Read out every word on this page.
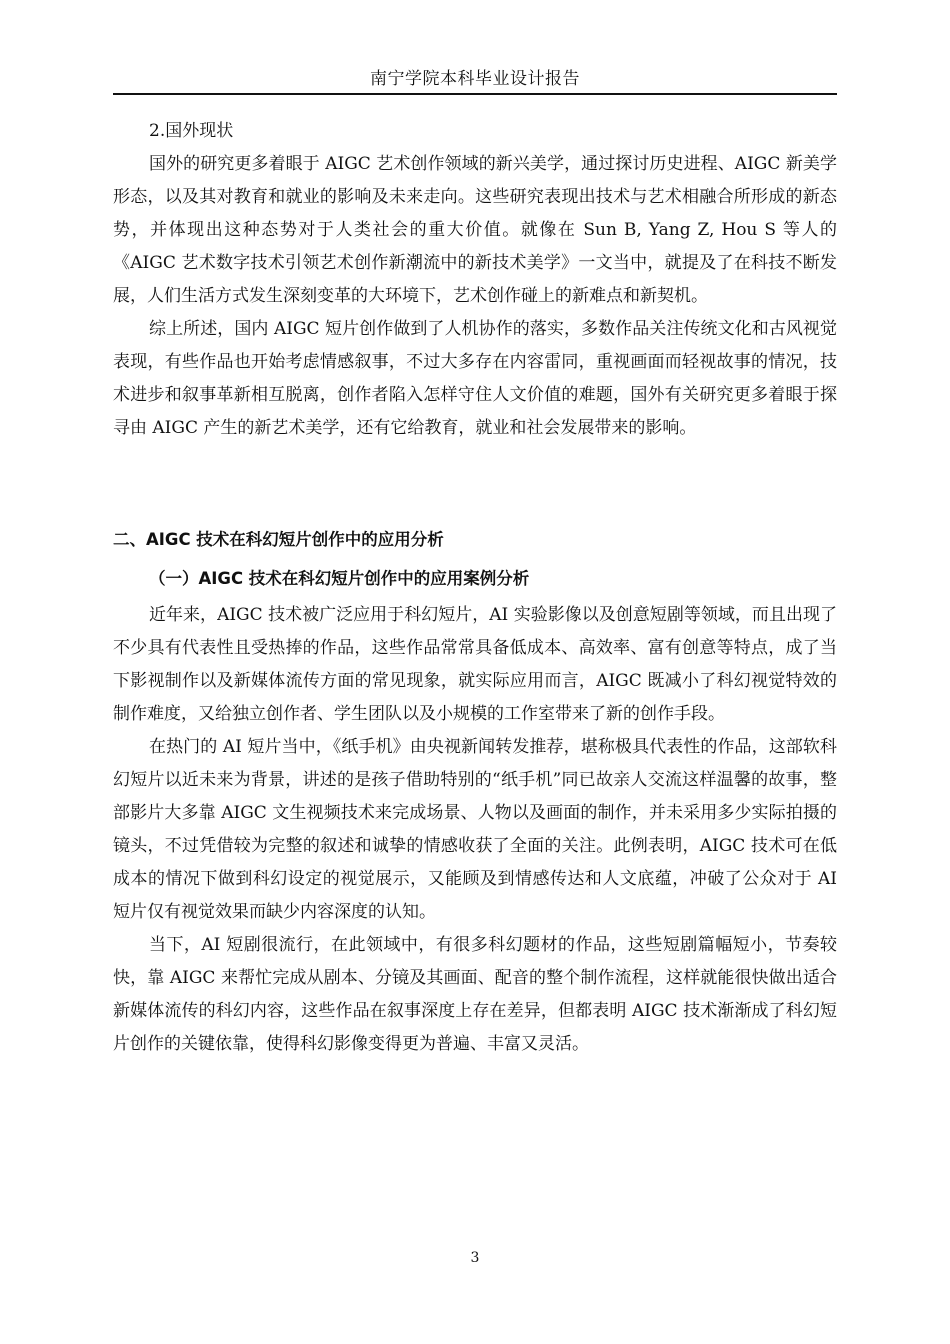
南宁学院本科毕业设计报告

2.国外现状

国外的研究更多着眼于 AIGC 艺术创作领域的新兴美学，通过探讨历史进程、AIGC 新美学形态，以及其对教育和就业的影响及未来走向。这些研究表现出技术与艺术相融合所形成的新态势，并体现出这种态势对于人类社会的重大价值。就像在 Sun B, Yang Z, Hou S 等人的《AIGC 艺术数字技术引领艺术创作新潮流中的新技术美学》一文当中，就提及了在科技不断发展，人们生活方式发生深刻变革的大环境下，艺术创作碰上的新难点和新契机。

综上所述，国内 AIGC 短片创作做到了人机协作的落实，多数作品关注传统文化和古风视觉表现，有些作品也开始考虑情感叙事，不过大多存在内容雷同，重视画面而轻视故事的情况，技术进步和叙事革新相互脱离，创作者陷入怎样守住人文价值的难题，国外有关研究更多着眼于探寻由 AIGC 产生的新艺术美学，还有它给教育，就业和社会发展带来的影响。

二、AIGC 技术在科幻短片创作中的应用分析

（一）AIGC 技术在科幻短片创作中的应用案例分析

近年来，AIGC 技术被广泛应用于科幻短片，AI 实验影像以及创意短剧等领域，而且出现了不少具有代表性且受热捧的作品，这些作品常常具备低成本、高效率、富有创意等特点，成了当下影视制作以及新媒体流传方面的常见现象，就实际应用而言，AIGC 既减小了科幻视觉特效的制作难度，又给独立创作者、学生团队以及小规模的工作室带来了新的创作手段。

在热门的 AI 短片当中，《纸手机》由央视新闻转发推荐，堪称极具代表性的作品，这部软科幻短片以近未来为背景，讲述的是孩子借助特别的“纸手机”同已故亲人交流这样温馨的故事，整部影片大多靠 AIGC 文生视频技术来完成场景、人物以及画面的制作，并未采用多少实际拍摄的镜头，不过凭借较为完整的叙述和诚挚的情感收获了全面的关注。此例表明，AIGC 技术可在低成本的情况下做到科幻设定的视觉展示，又能顾及到情感传达和人文底蕴，冲破了公众对于 AI 短片仅有视觉效果而缺少内容深度的认知。

当下，AI 短剧很流行，在此领域中，有很多科幻题材的作品，这些短剧篇幅短小，节奏较快，靠 AIGC 来帮忙完成从剧本、分镜及其画面、配音的整个制作流程，这样就能很快做出适合新媒体流传的科幻内容，这些作品在叙事深度上存在差异，但都表明 AIGC 技术渐渐成了科幻短片创作的关键依靠，使得科幻影像变得更为普遍、丰富又灵活。

3
